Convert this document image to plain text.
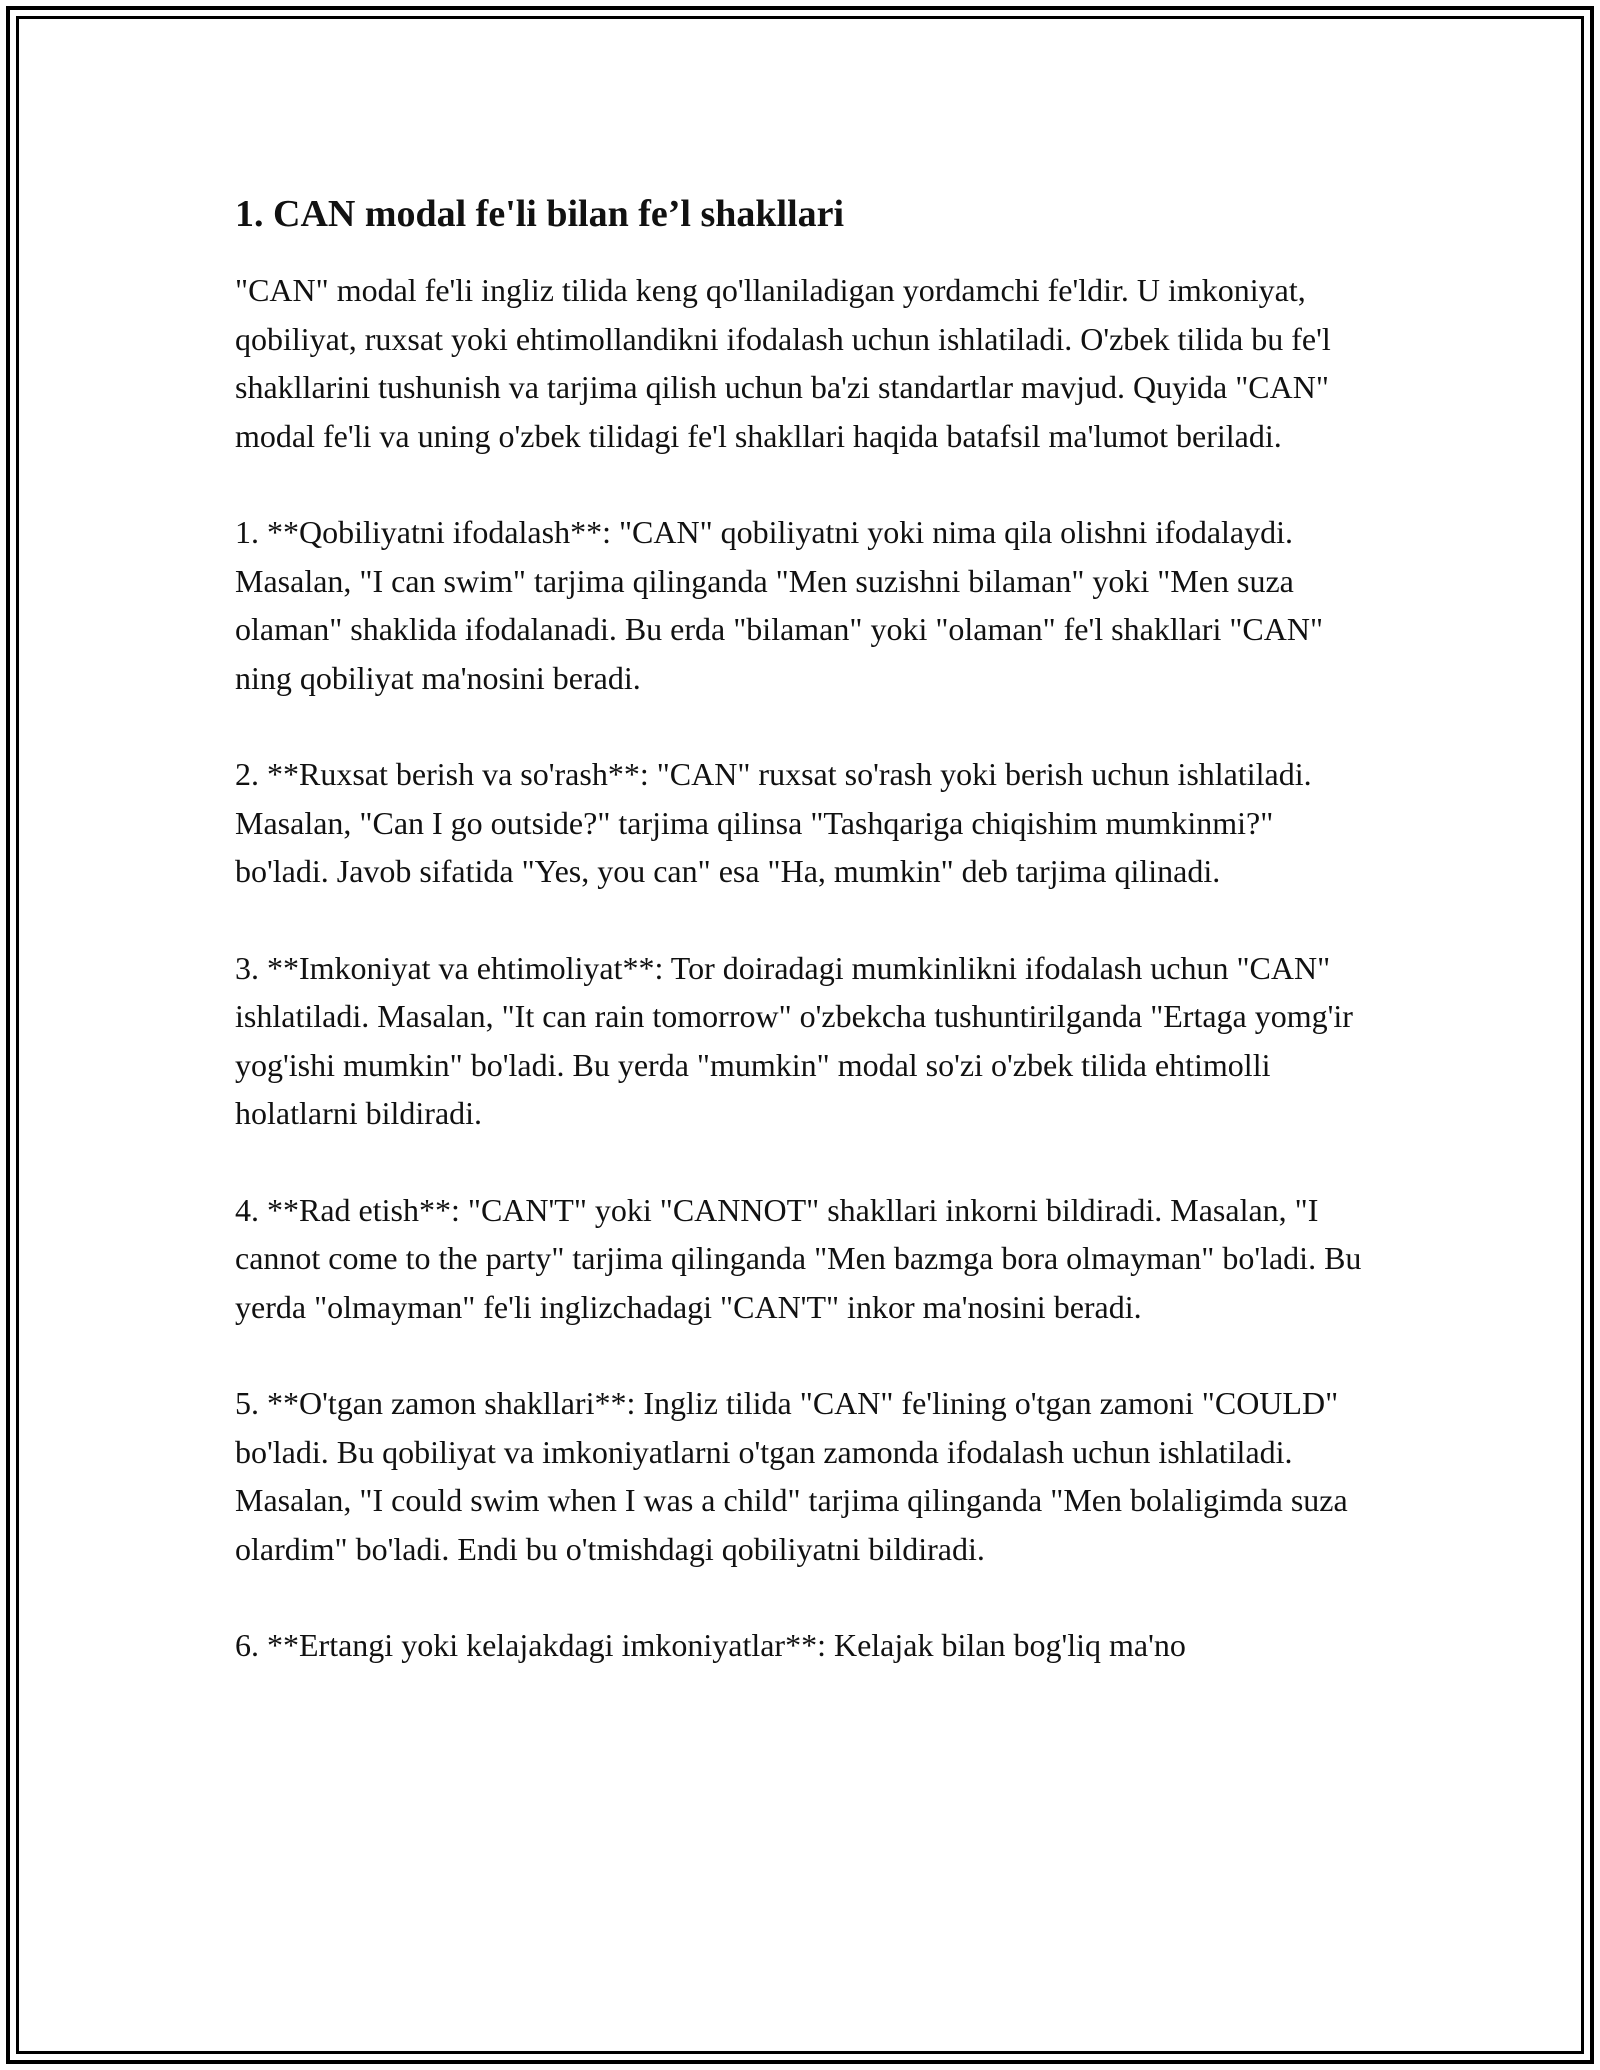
1. CAN modal fe'li bilan fe’l shakllari

"CAN" modal fe'li ingliz tilida keng qo'llaniladigan yordamchi fe'ldir. U imkoniyat, qobiliyat, ruxsat yoki ehtimollandikni ifodalash uchun ishlatiladi. O'zbek tilida bu fe'l shakllarini tushunish va tarjima qilish uchun ba'zi standartlar mavjud. Quyida "CAN" modal fe'li va uning o'zbek tilidagi fe'l shakllari haqida batafsil ma'lumot beriladi.

1. **Qobiliyatni ifodalash**: "CAN" qobiliyatni yoki nima qila olishni ifodalaydi. Masalan, "I can swim" tarjima qilinganda "Men suzishni bilaman" yoki "Men suza olaman" shaklida ifodalanadi. Bu erda "bilaman" yoki "olaman" fe'l shakllari "CAN" ning qobiliyat ma'nosini beradi.

2. **Ruxsat berish va so'rash**: "CAN" ruxsat so'rash yoki berish uchun ishlatiladi. Masalan, "Can I go outside?" tarjima qilinsa "Tashqariga chiqishim mumkinmi?" bo'ladi. Javob sifatida "Yes, you can" esa "Ha, mumkin" deb tarjima qilinadi.

3. **Imkoniyat va ehtimoliyat**: Tor doiradagi mumkinlikni ifodalash uchun "CAN" ishlatiladi. Masalan, "It can rain tomorrow" o'zbekcha tushuntirilganda "Ertaga yomg'ir yog'ishi mumkin" bo'ladi. Bu yerda "mumkin" modal so'zi o'zbek tilida ehtimolli holatlarni bildiradi.

4. **Rad etish**: "CAN'T" yoki "CANNOT" shakllari inkorni bildiradi. Masalan, "I cannot come to the party" tarjima qilinganda "Men bazmga bora olmayman" bo'ladi. Bu yerda "olmayman" fe'li inglizchadagi "CAN'T" inkor ma'nosini beradi.

5. **O'tgan zamon shakllari**: Ingliz tilida "CAN" fe'lining o'tgan zamoni "COULD" bo'ladi. Bu qobiliyat va imkoniyatlarni o'tgan zamonda ifodalash uchun ishlatiladi. Masalan, "I could swim when I was a child" tarjima qilinganda "Men bolaligimda suza olardim" bo'ladi. Endi bu o'tmishdagi qobiliyatni bildiradi.

6. **Ertangi yoki kelajakdagi imkoniyatlar**: Kelajak bilan bog'liq ma'no
